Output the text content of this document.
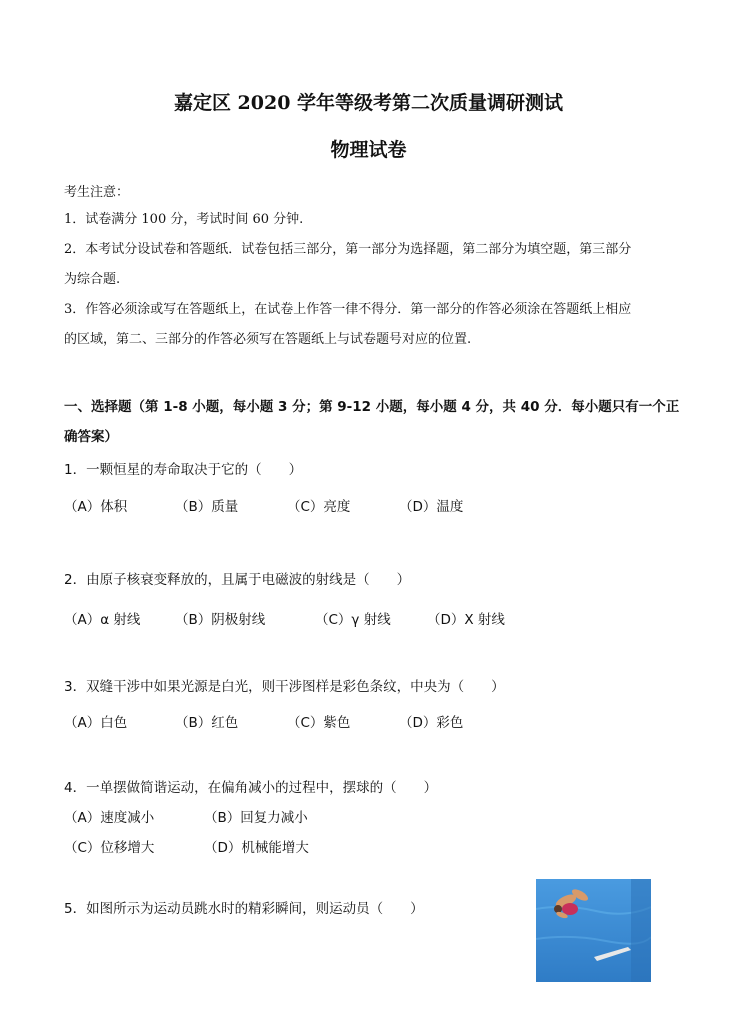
嘉定区 2020 学年等级考第二次质量调研测试
物理试卷
考生注意：
1．试卷满分 100 分，考试时间 60 分钟.
2．本考试分设试卷和答题纸．试卷包括三部分，第一部分为选择题，第二部分为填空题，第三部分
为综合题.
3．作答必须涂或写在答题纸上，在试卷上作答一律不得分．第一部分的作答必须涂在答题纸上相应
的区域，第二、三部分的作答必须写在答题纸上与试卷题号对应的位置.
一、选择题（第 1-8 小题，每小题 3 分；第 9-12 小题，每小题 4 分，共 40 分．每小题只有一个正
确答案）
1．一颗恒星的寿命取决于它的（　　）
（A）体积	（B）质量	（C）亮度	（D）温度
2．由原子核衰变释放的，且属于电磁波的射线是（　　）
（A）α 射线	（B）阴极射线	（C）γ 射线	（D）X 射线
3．双缝干涉中如果光源是白光，则干涉图样是彩色条纹，中央为（　　）
（A）白色	（B）红色	（C）紫色	（D）彩色
4．一单摆做简谐运动，在偏角减小的过程中，摆球的（　　）
（A）速度减小	（B）回复力减小
（C）位移增大	（D）机械能增大
5．如图所示为运动员跳水时的精彩瞬间，则运动员（　　）
